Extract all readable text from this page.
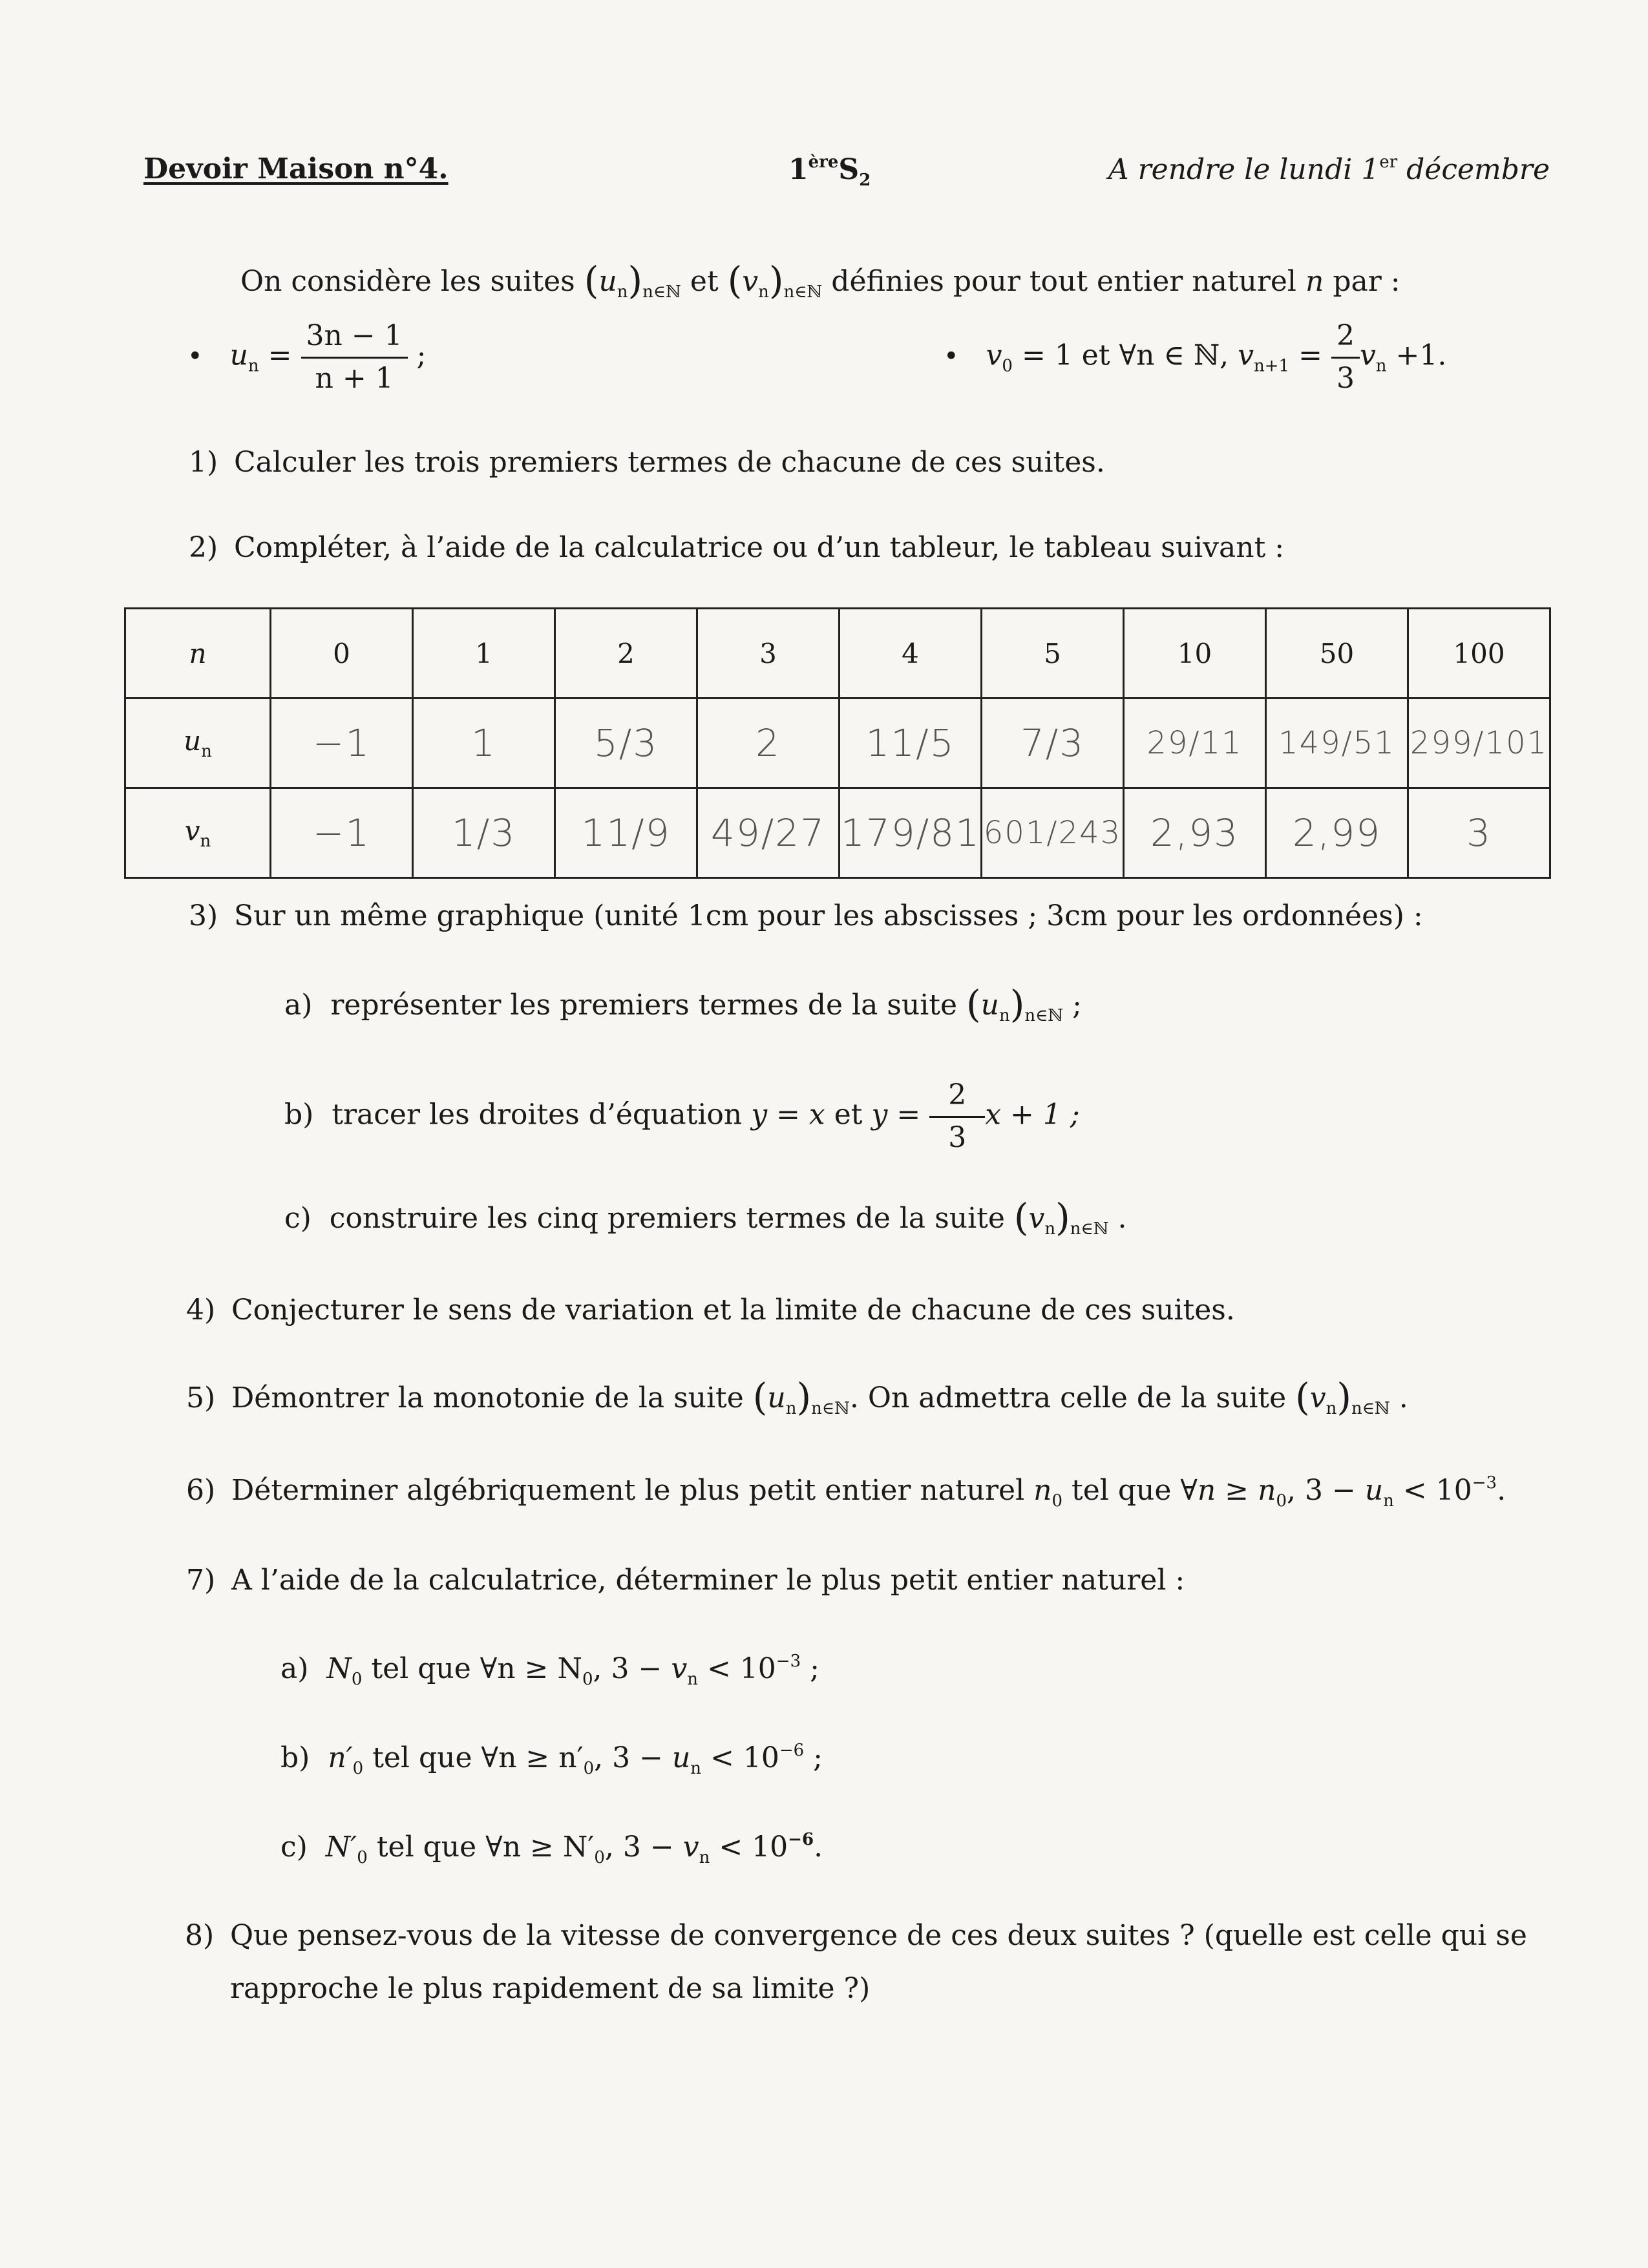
Devoir Maison n°4.	$1èreS_2$	A rendre le lundi 1er décembre
On considère les suites $(u_n)_{n\in ℕ}$ et $(v_n)_{n\in ℕ}$ définies pour tout entier naturel n par :
• $u_n = \frac{3n - 1}{n + 1}$ ;	• $v_0 = 1$ et ∀n ∈ ℕ, $v_{n+1} = \frac{2}{3} v_n +1$.
1) Calculer les trois premiers termes de chacune de ces suites.
2) Compléter, à l’aide de la calculatrice ou d’un tableur, le tableau suivant :
n	0	1	2	3	4	5	10	50	100
$u_n$	−1	1	5/3	2	11/5	7/3	29/11	149/51	299/101
$v_n$	−1	1/3	11/9	49/27	179/81	601/243	2,93	2,99	3
3) Sur un même graphique (unité 1cm pour les abscisses ; 3cm pour les ordonnées) :
a) représenter les premiers termes de la suite $(u_n)_{n\in ℕ}$ ;
b) tracer les droites d’équation y = x et $y = \frac{2}{3}$ x + 1 ;
c) construire les cinq premiers termes de la suite $(v_n)_{n\in ℕ}$ .
4) Conjecturer le sens de variation et la limite de chacune de ces suites.
5) Démontrer la monotonie de la suite $(u_n)_{n\in ℕ}$. On admettra celle de la suite $(v_n)_{n\in ℕ}$ .
6) Déterminer algébriquement le plus petit entier naturel $n_0$ tel que ∀n ≥ $n_0$, $3 - u_n < 10^{-3}$.
7) A l’aide de la calculatrice, déterminer le plus petit entier naturel :
a) $N_0$ tel que ∀n ≥ $N_0$, $3 - v_n < 10^{-3}$ ;
b) $n'_0$ tel que ∀n ≥ $n'_0$, $3 - u_n < 10^{-6}$ ;
c) $N'_0$ tel que ∀n ≥ $N'_0$, $3 - v_n < 10^{-6}$.
8) Que pensez-vous de la vitesse de convergence de ces deux suites ? (quelle est celle qui se
rapproche le plus rapidement de sa limite ?)
